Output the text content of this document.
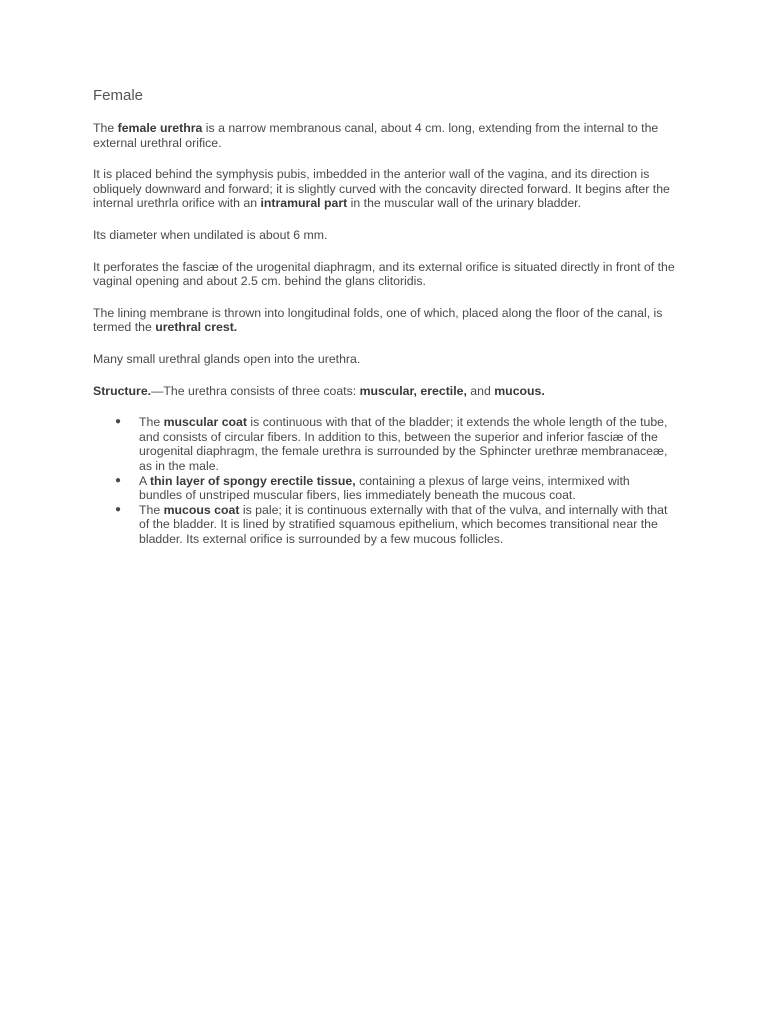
Female

The female urethra is a narrow membranous canal, about 4 cm. long, extending from the internal to the external urethral orifice.

It is placed behind the symphysis pubis, imbedded in the anterior wall of the vagina, and its direction is obliquely downward and forward; it is slightly curved with the concavity directed forward. It begins after the internal urethrla orifice with an intramural part in the muscular wall of the urinary bladder.

Its diameter when undilated is about 6 mm.

It perforates the fasciæ of the urogenital diaphragm, and its external orifice is situated directly in front of the vaginal opening and about 2.5 cm. behind the glans clitoridis.

The lining membrane is thrown into longitudinal folds, one of which, placed along the floor of the canal, is termed the urethral crest.

Many small urethral glands open into the urethra.

Structure.—The urethra consists of three coats: muscular, erectile, and mucous.

● The muscular coat is continuous with that of the bladder; it extends the whole length of the tube, and consists of circular fibers. In addition to this, between the superior and inferior fasciæ of the urogenital diaphragm, the female urethra is surrounded by the Sphincter urethræ membranaceæ, as in the male.
● A thin layer of spongy erectile tissue, containing a plexus of large veins, intermixed with bundles of unstriped muscular fibers, lies immediately beneath the mucous coat.
● The mucous coat is pale; it is continuous externally with that of the vulva, and internally with that of the bladder. It is lined by stratified squamous epithelium, which becomes transitional near the bladder. Its external orifice is surrounded by a few mucous follicles.
